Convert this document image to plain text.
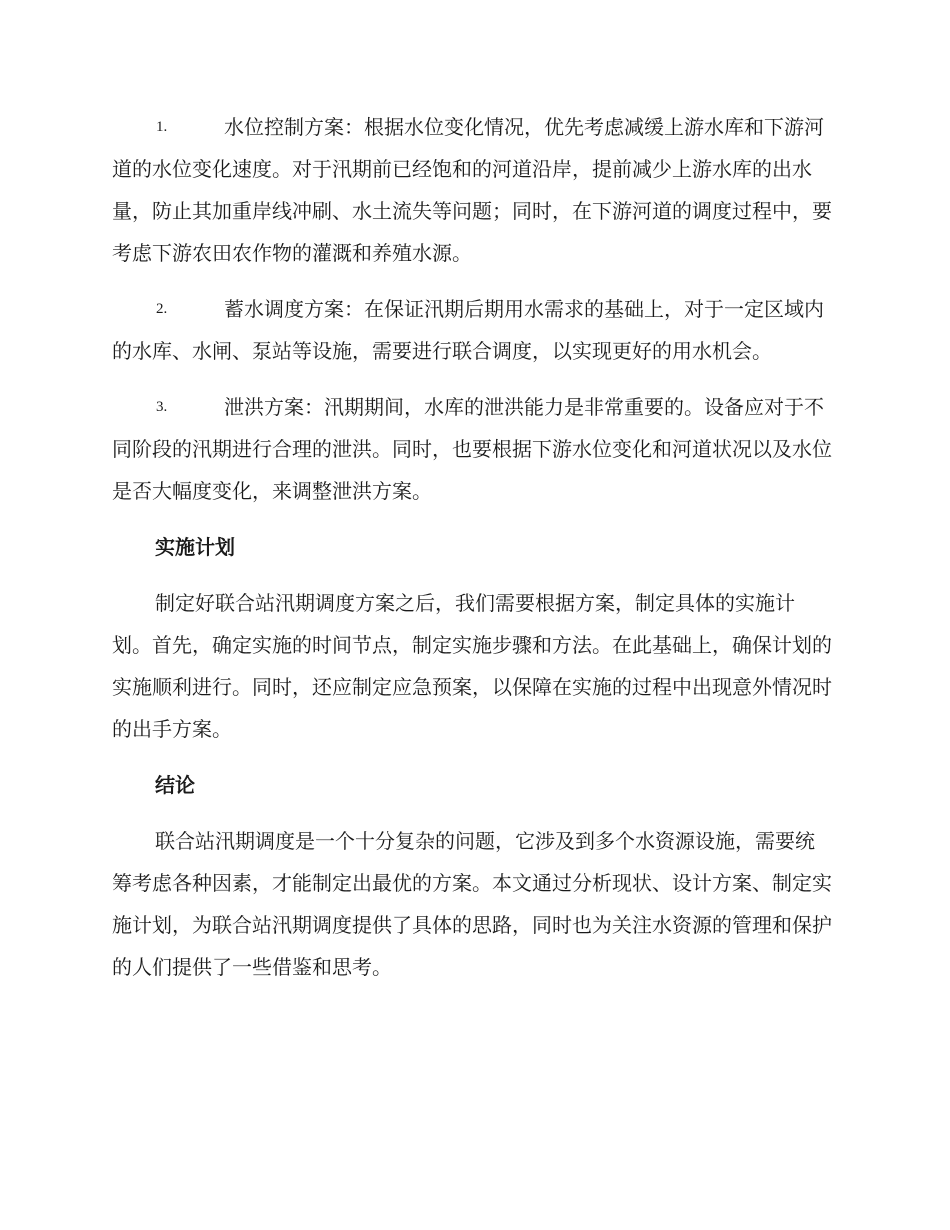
1.	水位控制方案：根据水位变化情况，优先考虑减缓上游水库和下游河道的水位变化速度。对于汛期前已经饱和的河道沿岸，提前减少上游水库的出水量，防止其加重岸线冲刷、水土流失等问题；同时，在下游河道的调度过程中，要考虑下游农田农作物的灌溉和养殖水源。
2.	蓄水调度方案：在保证汛期后期用水需求的基础上，对于一定区域内的水库、水闸、泵站等设施，需要进行联合调度，以实现更好的用水机会。
3.	泄洪方案：汛期期间，水库的泄洪能力是非常重要的。设备应对于不同阶段的汛期进行合理的泄洪。同时，也要根据下游水位变化和河道状况以及水位是否大幅度变化，来调整泄洪方案。
实施计划
制定好联合站汛期调度方案之后，我们需要根据方案，制定具体的实施计划。首先，确定实施的时间节点，制定实施步骤和方法。在此基础上，确保计划的实施顺利进行。同时，还应制定应急预案，以保障在实施的过程中出现意外情况时的出手方案。
结论
联合站汛期调度是一个十分复杂的问题，它涉及到多个水资源设施，需要统筹考虑各种因素，才能制定出最优的方案。本文通过分析现状、设计方案、制定实施计划，为联合站汛期调度提供了具体的思路，同时也为关注水资源的管理和保护的人们提供了一些借鉴和思考。
